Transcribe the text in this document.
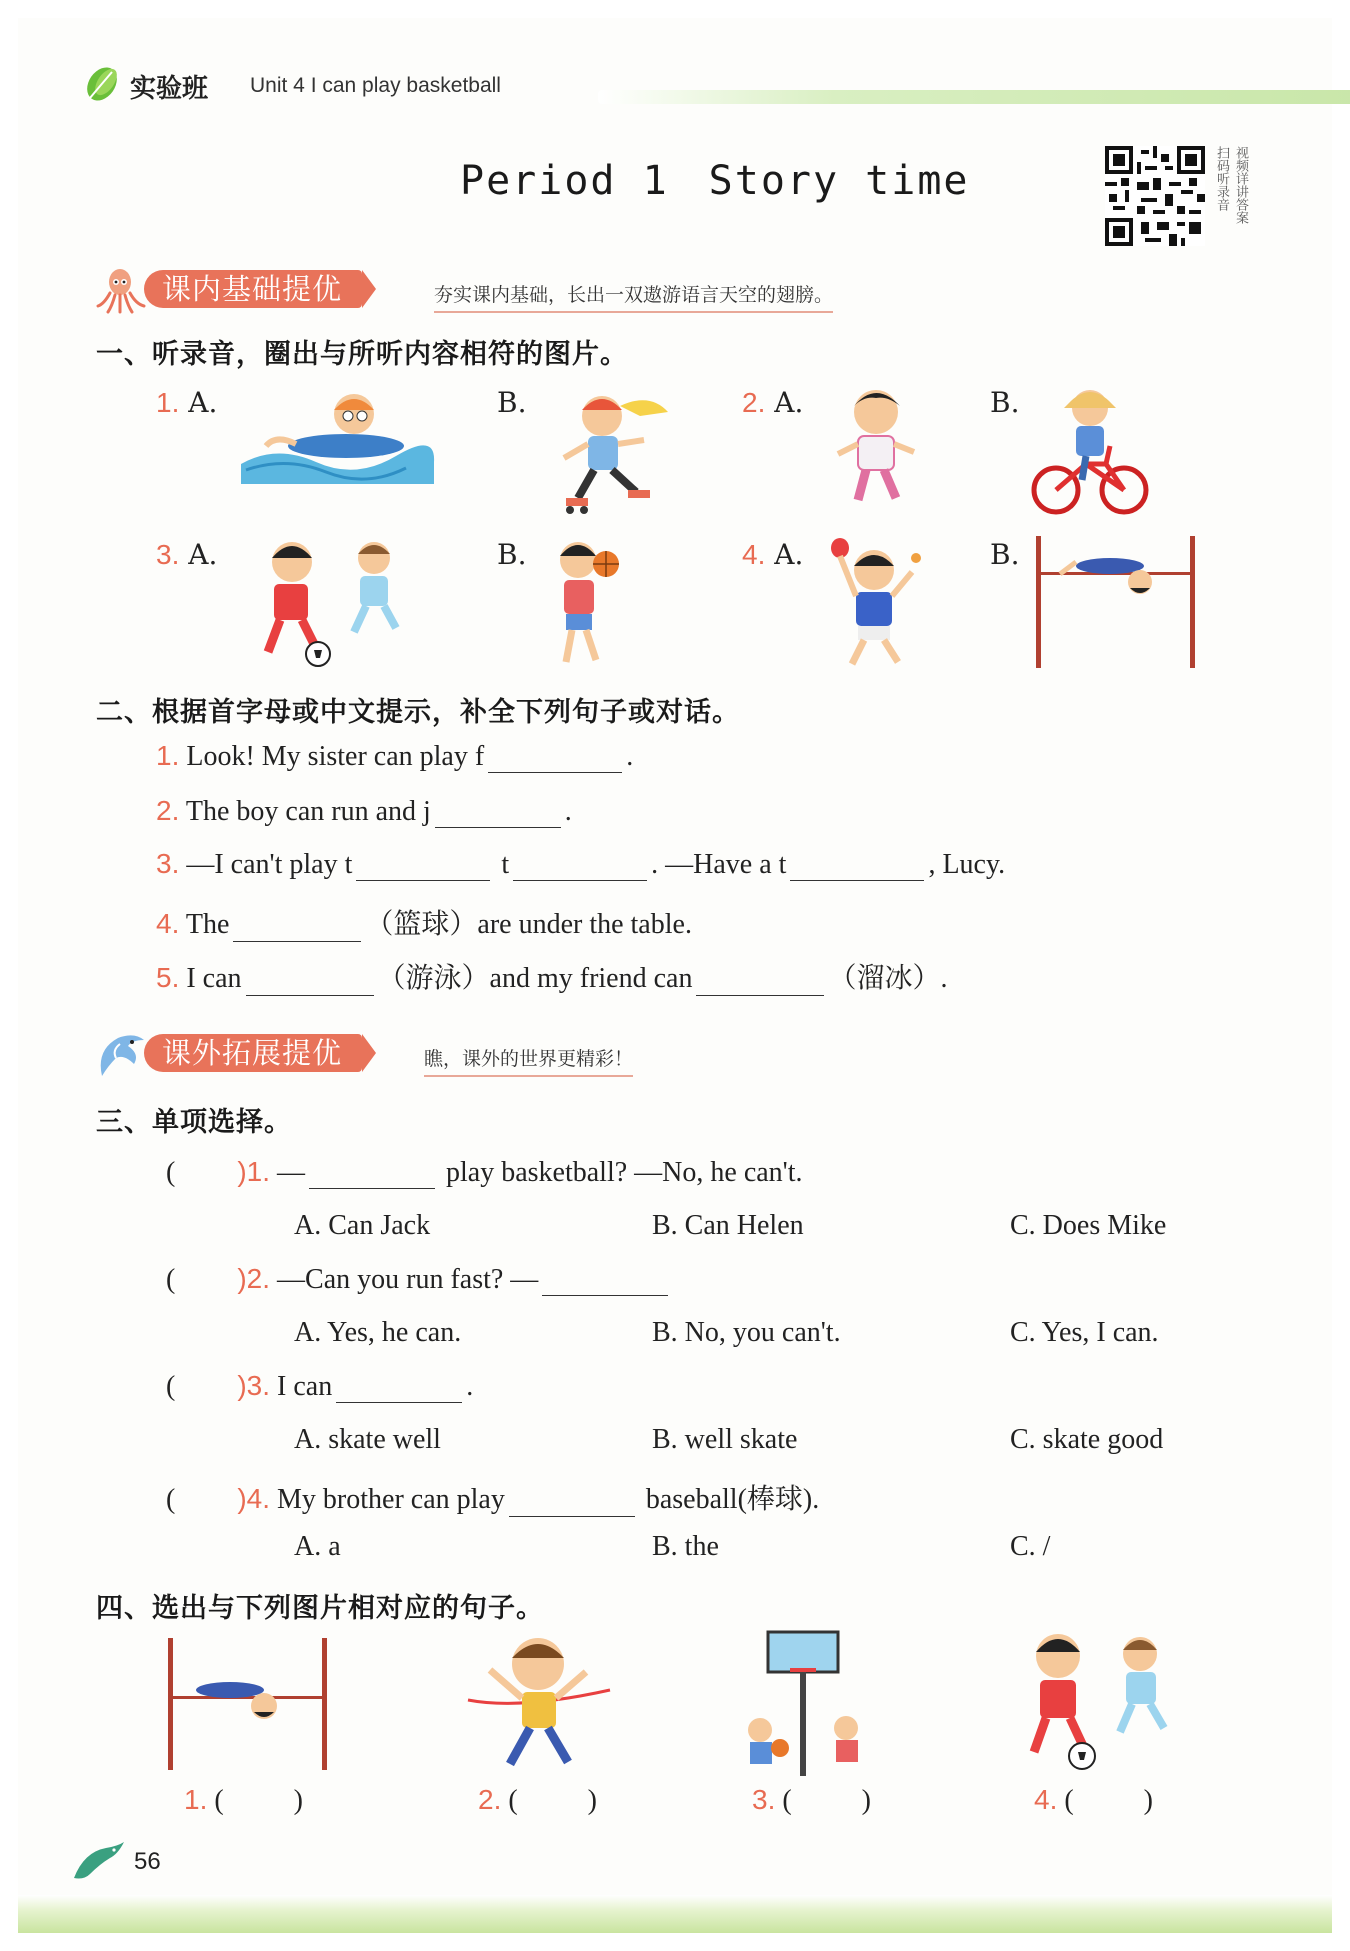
实验班 Unit 4 I can play basketball
Period 1 Story time	扫码听录音 视频详讲答案
课内基础提优	夯实课内基础，长出一双遨游语言天空的翅膀。
一、听录音，圈出与所听内容相符的图片。
1. A.	B.	2. A.	B.
3. A.	B.	4. A.	B.
二、根据首字母或中文提示，补全下列句子或对话。
1. Look! My sister can play f	.
2. The boy can run and j	.
3. —I can't play t	t	. —Have a t	, Lucy.
4. The	（篮球）are under the table.
5. I can	（游泳）and my friend can	（溜冰）.
课外拓展提优	瞧，课外的世界更精彩！
三、单项选择。
( )1. —	play basketball? —No, he can't.
A. Can Jack	B. Can Helen	C. Does Mike
( )2. —Can you run fast? —
A. Yes, he can.	B. No, you can't.	C. Yes, I can.
( )3. I can	.
A. skate well	B. well skate	C. skate good
( )4. My brother can play	baseball(棒球).
A. a	B. the	C. /
四、选出与下列图片相对应的句子。
1. (          )	2. (          )	3. (          )	4. (          )
56
